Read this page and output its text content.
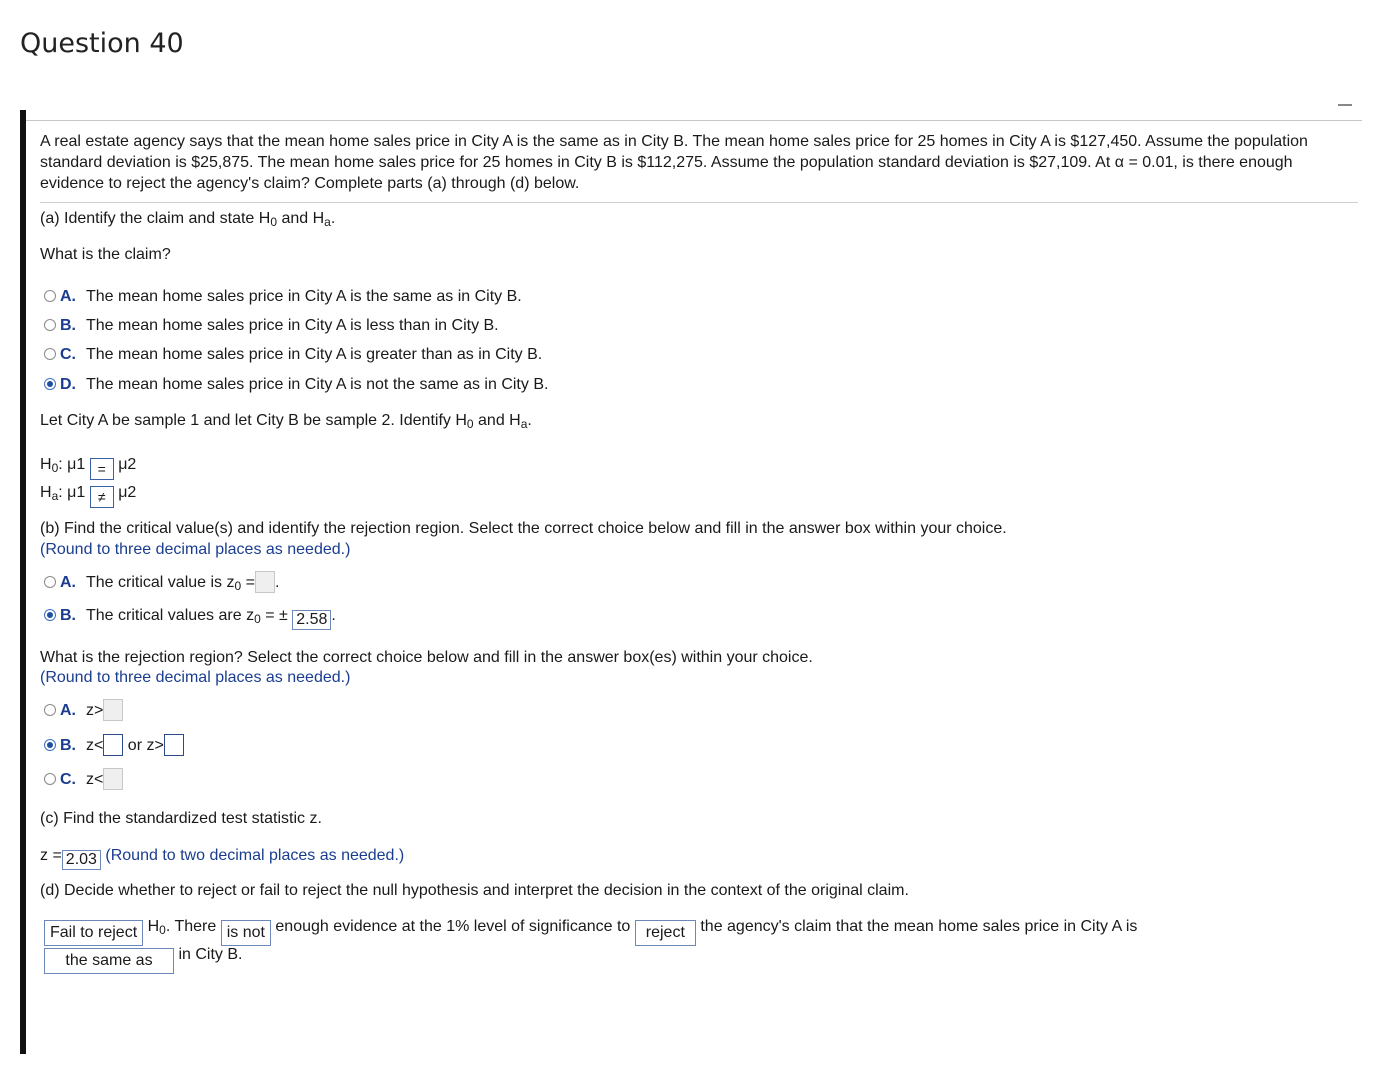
Question 40
A real estate agency says that the mean home sales price in City A is the same as in City B. The mean home sales price for 25 homes in City A is $127,450. Assume the population standard deviation is $25,875. The mean home sales price for 25 homes in City B is $112,275. Assume the population standard deviation is $27,109. At α = 0.01, is there enough evidence to reject the agency's claim? Complete parts (a) through (d) below.
(a) Identify the claim and state $H_0$ and $H_a$.
What is the claim?
A. The mean home sales price in City A is the same as in City B.
B. The mean home sales price in City A is less than in City B.
C. The mean home sales price in City A is greater than as in City B.
D. The mean home sales price in City A is not the same as in City B.
Let City A be sample 1 and let City B be sample 2. Identify $H_0$ and $H_a$.
$H_0$: μ1 = μ2
$H_a$: μ1 ≠ μ2
(b) Find the critical value(s) and identify the rejection region. Select the correct choice below and fill in the answer box within your choice.
(Round to three decimal places as needed.)
A. The critical value is $z_0$ = .
B. The critical values are $z_0$ = ± 2.58 .
What is the rejection region? Select the correct choice below and fill in the answer box(es) within your choice.
(Round to three decimal places as needed.)
A. z>
B. z< or z>
C. z<
(c) Find the standardized test statistic z.
z = 2.03 (Round to two decimal places as needed.)
(d) Decide whether to reject or fail to reject the null hypothesis and interpret the decision in the context of the original claim.
Fail to reject $H_0$. There is not enough evidence at the 1% level of significance to reject the agency's claim that the mean home sales price in City A is
the same as in City B.
